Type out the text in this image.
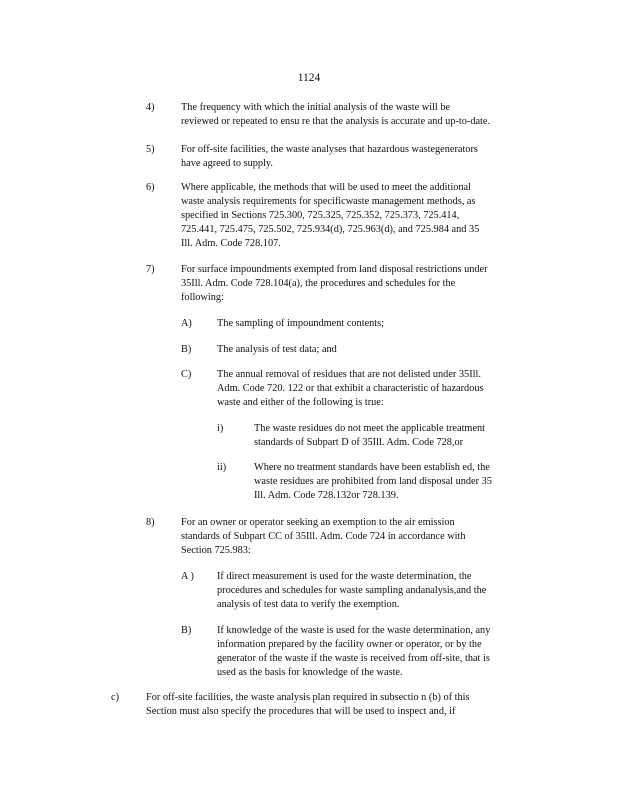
1124
4)	The frequency with which the initial analysis of the waste will be
reviewed or repeated to ensu re that the analysis is accurate and up-to-date.
5)	For off-site facilities, the waste analyses that hazardous wastegenerators
have agreed to supply.
6)	Where applicable, the methods that will be used to meet the additional
waste analysis requirements for specificwaste management methods, as
specified in Sections 725.300, 725.325, 725.352, 725.373, 725.414,
725.441, 725.475, 725.502, 725.934(d), 725.963(d), and 725.984 and 35
Ill. Adm. Code 728.107.
7)	For surface impoundments exempted from land disposal restrictions under
35Ill. Adm. Code 728.104(a), the procedures and schedules for the
following:
A) The sampling of impoundment contents;
B) The analysis of test data; and
C) The annual removal of residues that are not delisted under 35Ill.
Adm. Code 720. 122 or that exhibit a characteristic of hazardous
waste and either of the following is true:
i)	The waste residues do not meet the applicable treatment
standards of Subpart D of 35Ill. Adm. Code 728,or
ii)	Where no treatment standards have been establish ed, the
waste residues are prohibited from land disposal under 35
Ill. Adm. Code 728.132or 728.139.
8)	For an owner or operator seeking an exemption to the air emission
standards of Subpart CC of 35Ill. Adm. Code 724 in accordance with
Section 725.983:
A ) If direct measurement is used for the waste determination, the
procedures and schedules for waste sampling andanalysis,and the
analysis of test data to verify the exemption.
B) If knowledge of the waste is used for the waste determination, any
information prepared by the facility owner or operator, or by the
generator of the waste if the waste is received from off-site, that is
used as the basis for knowledge of the waste.
c)	For off-site facilities, the waste analysis plan required in subsectio n (b) of this
Section must also specify the procedures that will be used to inspect and, if
